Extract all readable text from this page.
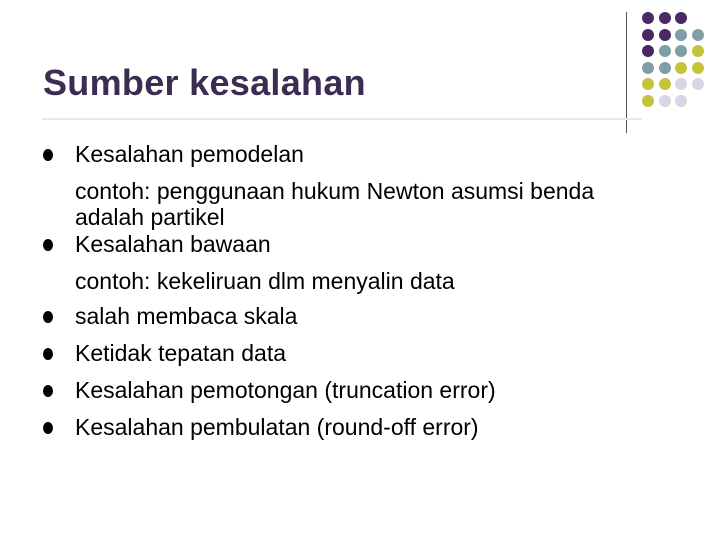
Sumber kesalahan
Kesalahan pemodelan
contoh: penggunaan hukum Newton asumsi benda
adalah partikel
Kesalahan bawaan
contoh: kekeliruan dlm menyalin data
salah membaca skala
Ketidak tepatan data
Kesalahan pemotongan (truncation error)
Kesalahan pembulatan (round-off error)
